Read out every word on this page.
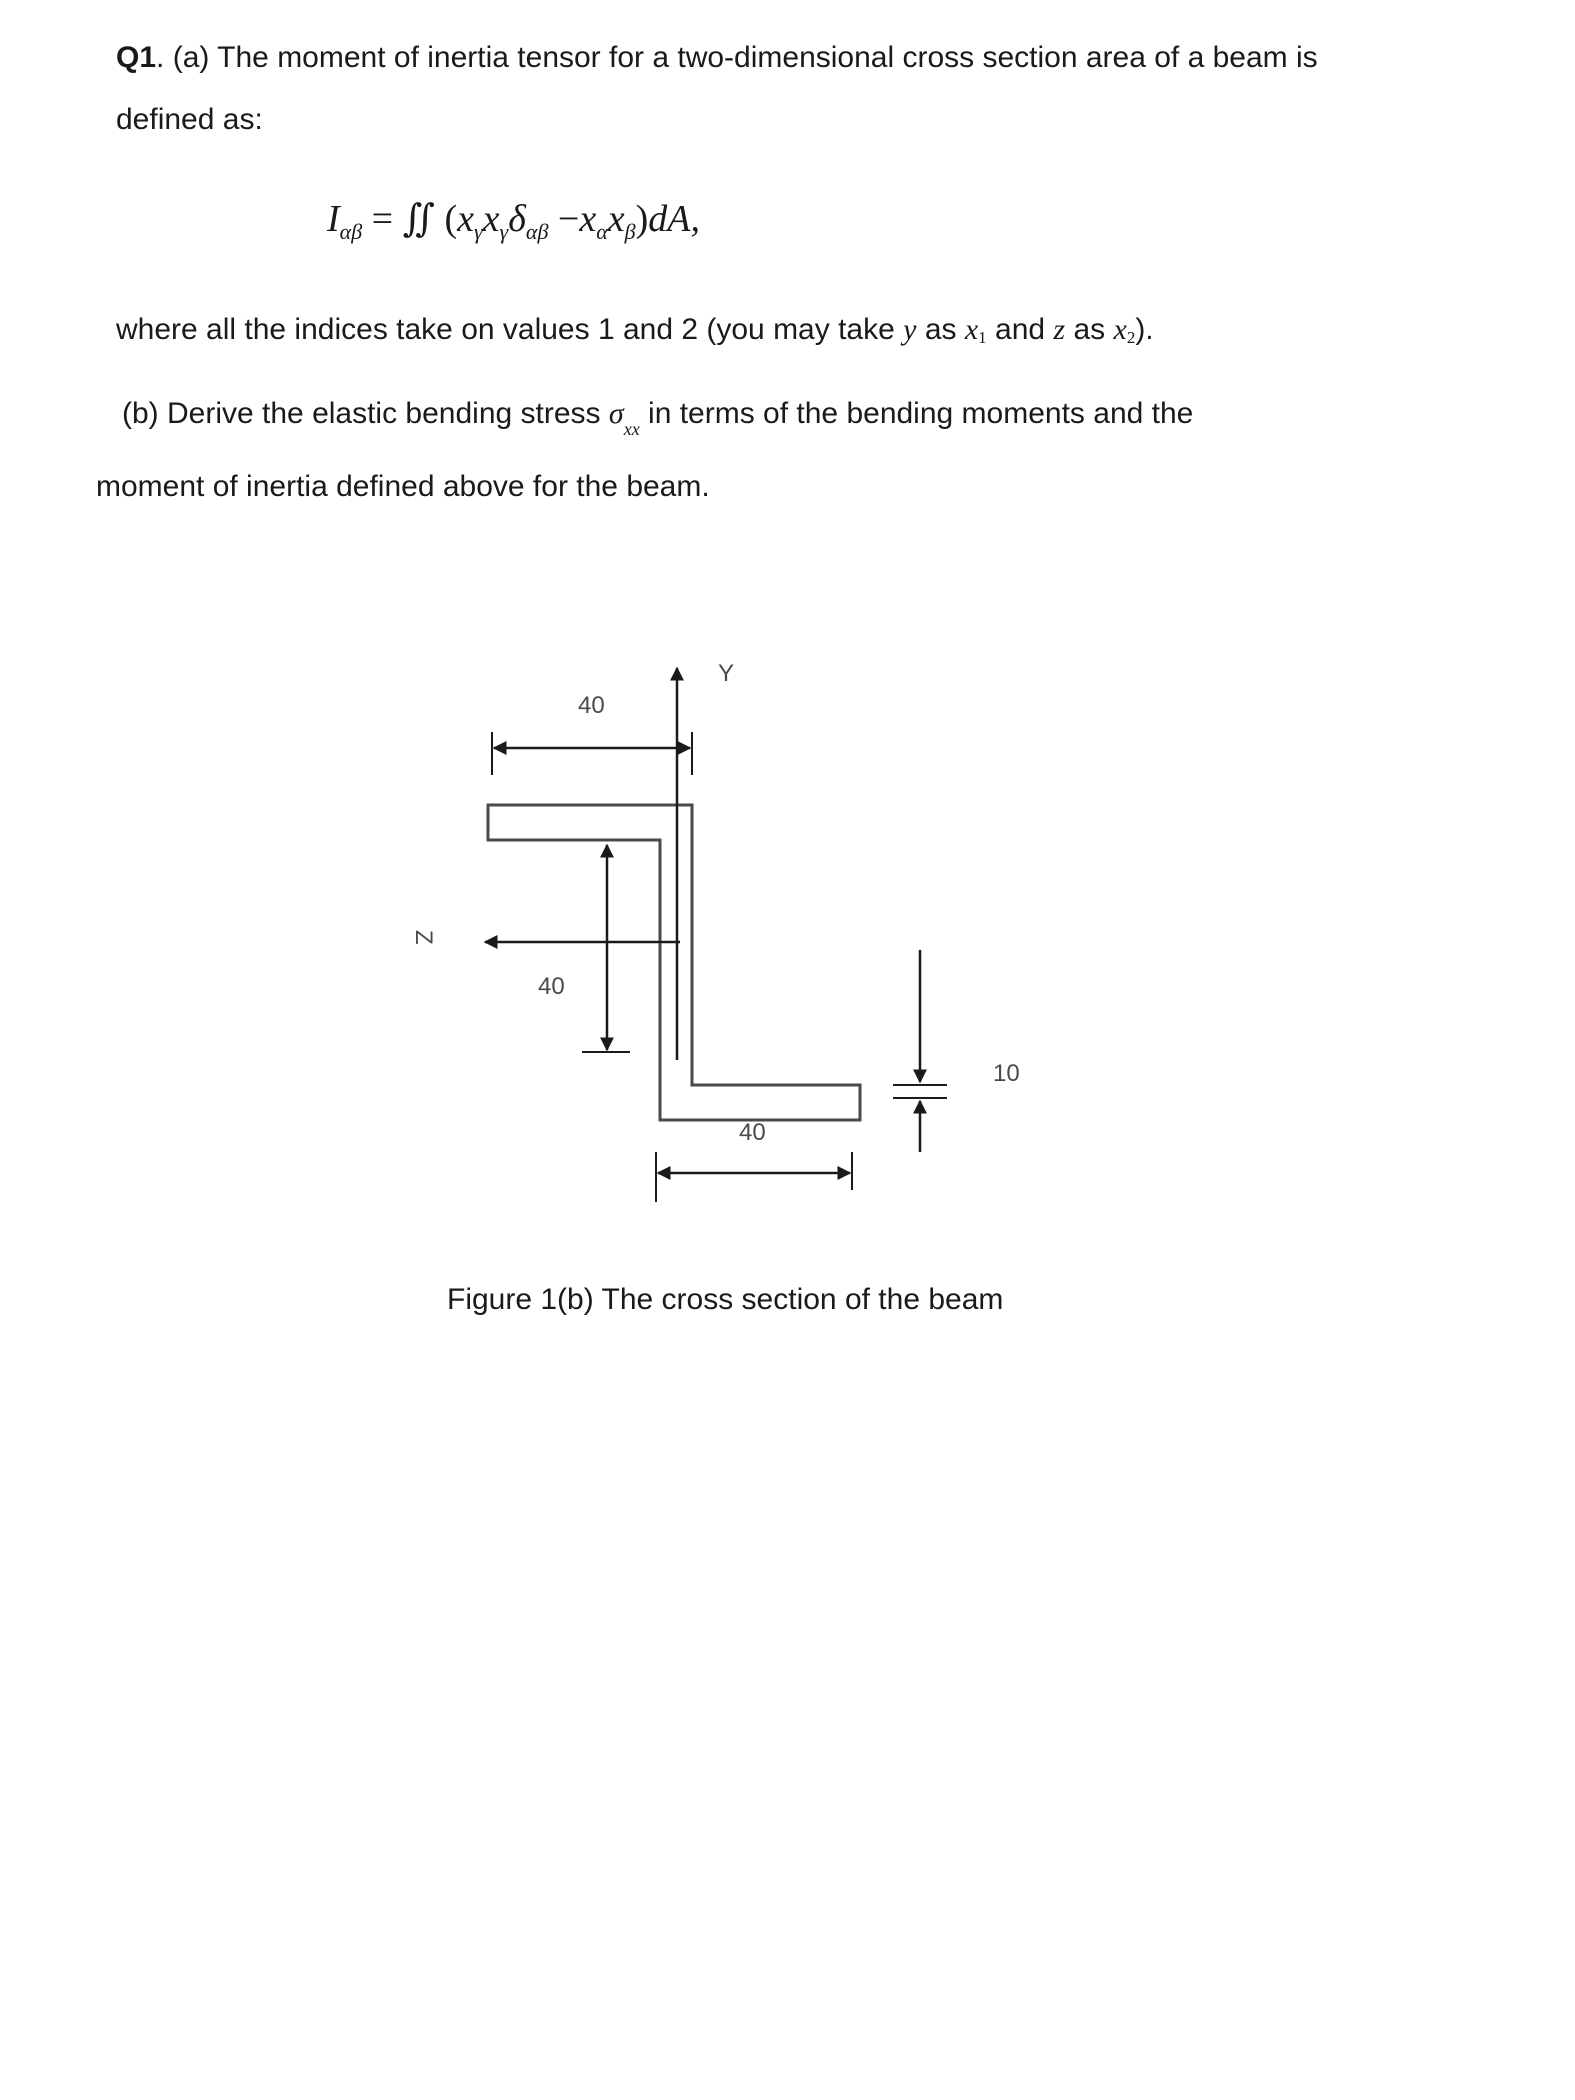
Q1. (a) The moment of inertia tensor for a two-dimensional cross section area of a beam is
defined as:
$I_{\alpha\beta}$ = ∬ $(x_\gamma x_\gamma\delta_{\alpha\beta} -x_\alpha x_\beta)dA$,
where all the indices take on values 1 and 2 (you may take y as $x_1$ and z as $x_2$).
(b) Derive the elastic bending stress $\sigma_{xx}$ in terms of the bending moments and the
moment of inertia defined above for the beam.
Y
Z
40
40
40
10
Figure 1(b) The cross section of the beam
